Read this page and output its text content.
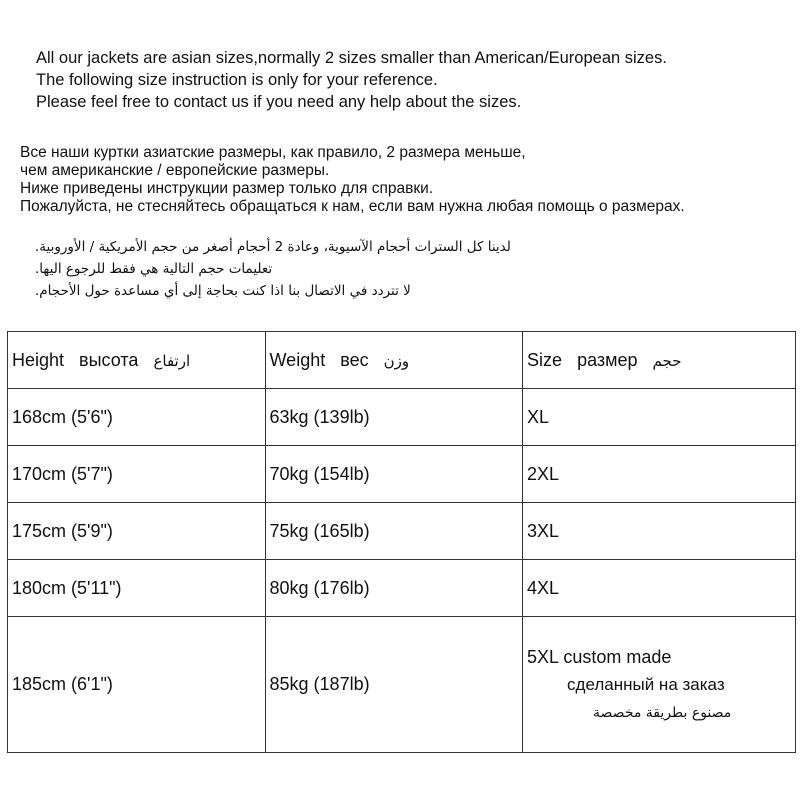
All our jackets are asian sizes,normally 2 sizes smaller than American/European sizes.
The following size instruction is only for your reference.
Please feel free to contact us if you need any help about the sizes.
Все наши куртки азиатские размеры, как правило, 2 размера меньше,
чем американские / европейские размеры.
Ниже приведены инструкции размер только для справки.
Пожалуйста, не стесняйтесь обращаться к нам, если вам нужна любая помощь о размерах.
لدينا كل السترات أحجام الآسيوية، وعادة 2 أحجام أصغر من حجم الأمريكية / الأوروبية.
تعليمات حجم التالية هي فقط للرجوع اليها.
لا تتردد في الاتصال بنا اذا كنت بحاجة إلى أي مساعدة حول الأحجام.
Height высота ارتفاع	Weight вес وزن	Size размер حجم
168cm (5'6")	63kg (139lb)	XL
170cm (5'7")	70kg (154lb)	2XL
175cm (5'9")	75kg (165lb)	3XL
180cm (5'11")	80kg (176lb)	4XL
185cm (6'1")	85kg (187lb)	5XL custom made
сделанный на заказ
مصنوع بطريقة مخصصة
